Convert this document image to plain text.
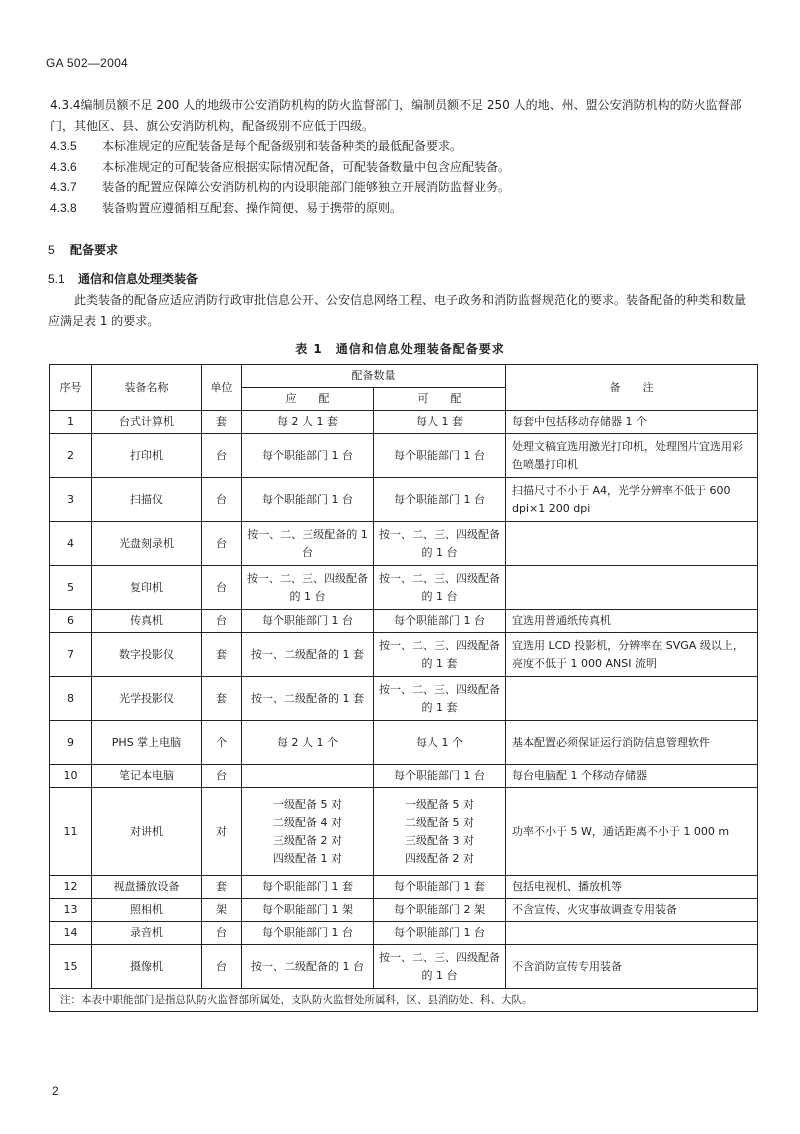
GA 502—2004
4.3.4编制员额不足 200 人的地级市公安消防机构的防火监督部门，编制员额不足 250 人的地、州、盟公安消防机构的防火监督部门，其他区、县、旗公安消防机构，配备级别不应低于四级。
4.3.5 本标准规定的应配装备是每个配备级别和装备种类的最低配备要求。
4.3.6 本标准规定的可配装备应根据实际情况配备，可配装备数量中包含应配装备。
4.3.7 装备的配置应保障公安消防机构的内设职能部门能够独立开展消防监督业务。
4.3.8 装备购置应遵循相互配套、操作简便、易于携带的原则。
5 配备要求
5.1 通信和信息处理类装备
此类装备的配备应适应消防行政审批信息公开、公安信息网络工程、电子政务和消防监督规范化的要求。装备配备的种类和数量应满足表 1 的要求。
表 1　通信和信息处理装备配备要求
序号	装备名称	单位	配备数量		备　　注
			应　　配	可　　配	
1	台式计算机	套	每 2 人 1 套	每人 1 套	每套中包括移动存储器 1 个
2	打印机	台	每个职能部门 1 台	每个职能部门 1 台	处理文稿宜选用激光打印机，处理图片宜选用彩色喷墨打印机
3	扫描仪	台	每个职能部门 1 台	每个职能部门 1 台	扫描尺寸不小于 A4，光学分辨率不低于 600 dpi×1 200 dpi
4	光盘刻录机	台	按一、二、三级配备的 1 台	按一、二、三、四级配备的 1 台	
5	复印机	台	按一、二、三、四级配备的 1 台	按一、二、三、四级配备的 1 台	
6	传真机	台	每个职能部门 1 台	每个职能部门 1 台	宜选用普通纸传真机
7	数字投影仪	套	按一、二级配备的 1 套	按一、二、三、四级配备的 1 套	宜选用 LCD 投影机，分辨率在 SVGA 级以上，亮度不低于 1 000 ANSI 流明
8	光学投影仪	套	按一、二级配备的 1 套	按一、二、三、四级配备的 1 套	
9	PHS 掌上电脑	个	每 2 人 1 个	每人 1 个	基本配置必须保证运行消防信息管理软件
10	笔记本电脑	台		每个职能部门 1 台	每台电脑配 1 个移动存储器
11	对讲机	对	一级配备 5 对
二级配备 4 对
三级配备 2 对
四级配备 1 对	一级配备 5 对
二级配备 5 对
三级配备 3 对
四级配备 2 对	功率不小于 5 W，通话距离不小于 1 000 m
12	视盘播放设备	套	每个职能部门 1 套	每个职能部门 1 套	包括电视机、播放机等
13	照相机	架	每个职能部门 1 架	每个职能部门 2 架	不含宣传、火灾事故调查专用装备
14	录音机	台	每个职能部门 1 台	每个职能部门 1 台	
15	摄像机	台	按一、二级配备的 1 台	按一、二、三、四级配备的 1 台	不含消防宣传专用装备
注：本表中职能部门是指总队防火监督部所属处，支队防火监督处所属科，区、县消防处、科、大队。					
2
